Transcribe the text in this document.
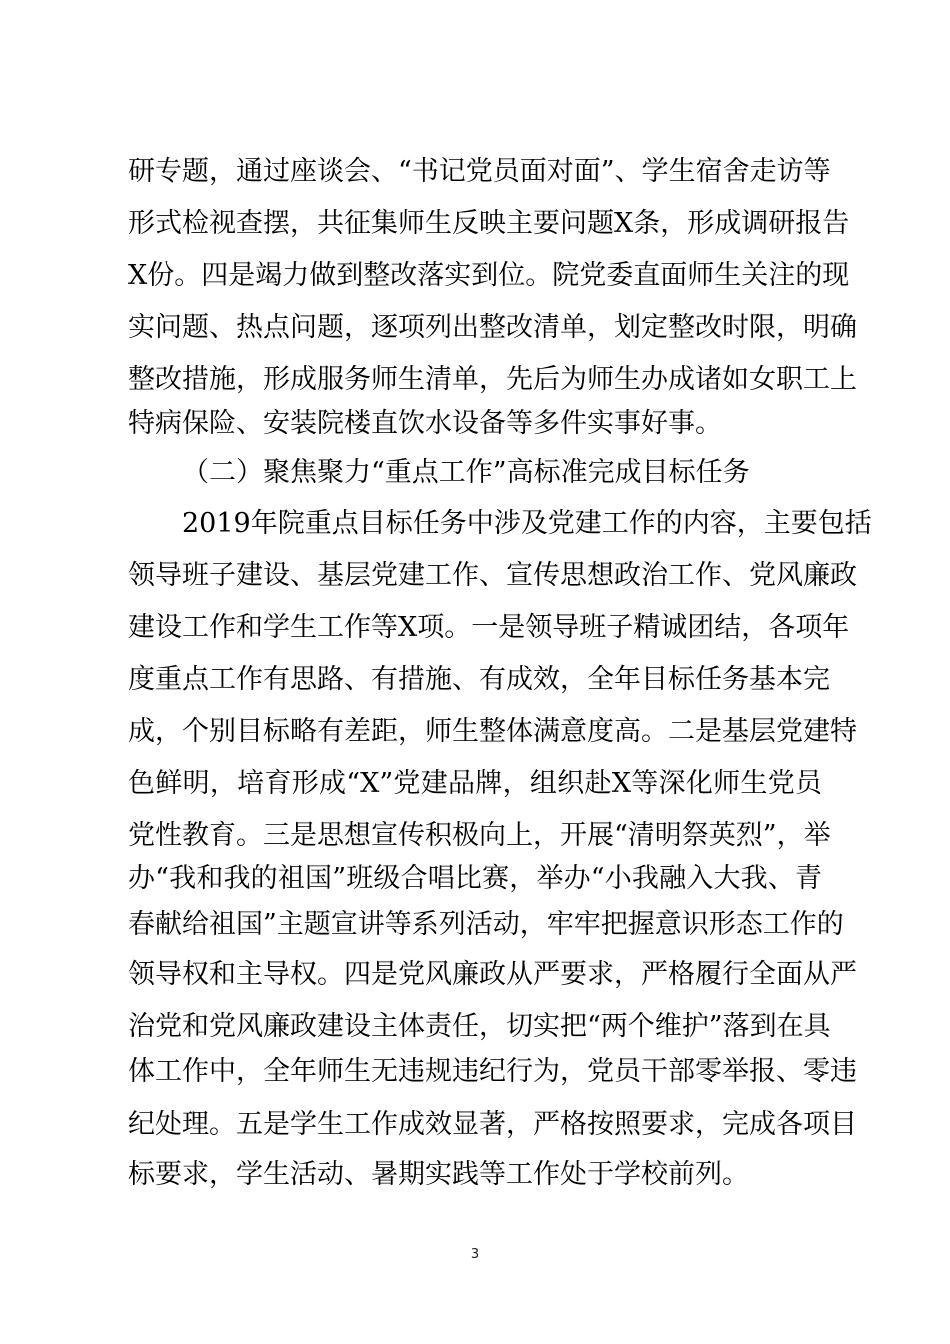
研专题，通过座谈会、“书记党员面对面”、学生宿舍走访等
形式检视查摆，共征集师生反映主要问题X条，形成调研报告
X份。四是竭力做到整改落实到位。院党委直面师生关注的现
实问题、热点问题，逐项列出整改清单，划定整改时限，明确
整改措施，形成服务师生清单，先后为师生办成诸如女职工上
特病保险、安装院楼直饮水设备等多件实事好事。
（二）聚焦聚力“重点工作”高标准完成目标任务
2019年院重点目标任务中涉及党建工作的内容，主要包括
领导班子建设、基层党建工作、宣传思想政治工作、党风廉政
建设工作和学生工作等X项。一是领导班子精诚团结，各项年
度重点工作有思路、有措施、有成效，全年目标任务基本完
成，个别目标略有差距，师生整体满意度高。二是基层党建特
色鲜明，培育形成“X”党建品牌，组织赴X等深化师生党员
党性教育。三是思想宣传积极向上，开展“清明祭英烈”，举
办“我和我的祖国”班级合唱比赛，举办“小我融入大我、青
春献给祖国”主题宣讲等系列活动，牢牢把握意识形态工作的
领导权和主导权。四是党风廉政从严要求，严格履行全面从严
治党和党风廉政建设主体责任，切实把“两个维护”落到在具
体工作中，全年师生无违规违纪行为，党员干部零举报、零违
纪处理。五是学生工作成效显著，严格按照要求，完成各项目
标要求，学生活动、暑期实践等工作处于学校前列。
3
